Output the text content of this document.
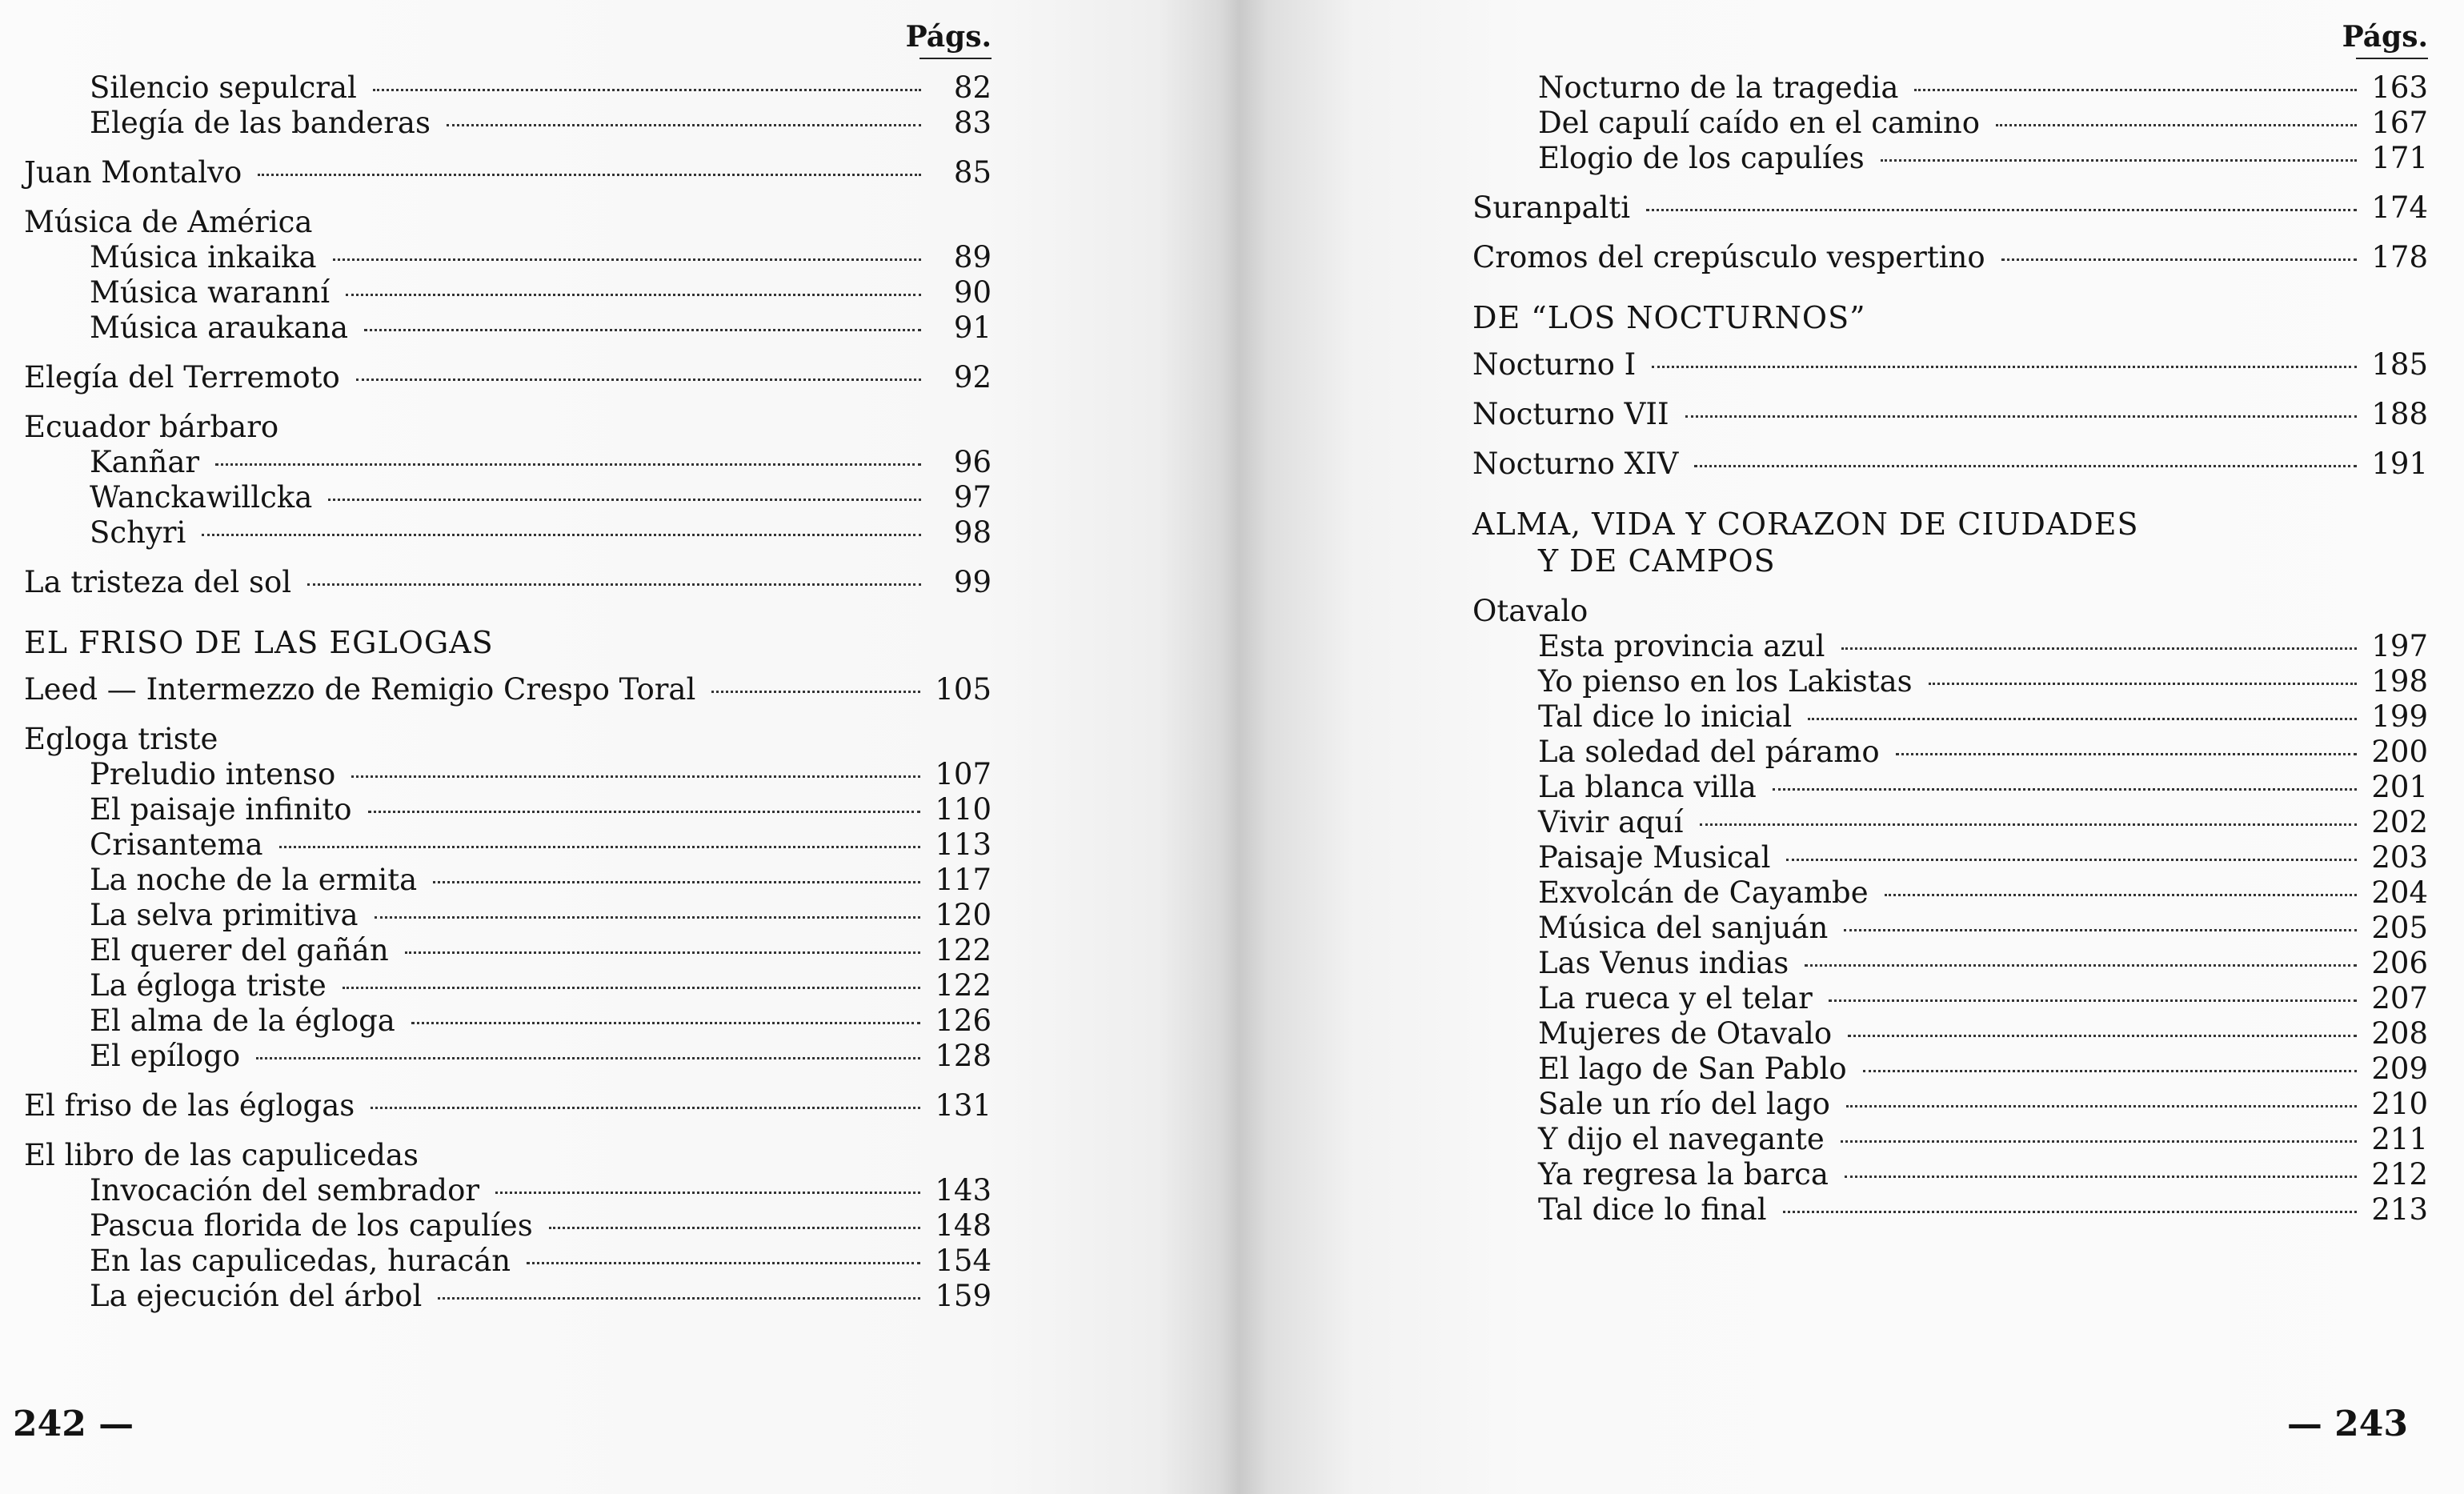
Págs.
Silencio sepulcral	82
Elegía de las banderas	83
Juan Montalvo	85
Música de América
Música inkaika	89
Música waranní	90
Música araukana	91
Elegía del Terremoto	92
Ecuador bárbaro
Kanñar	96
Wanckawillcka	97
Schyri	98
La tristeza del sol	99
EL FRISO DE LAS EGLOGAS
Leed — Intermezzo de Remigio Crespo Toral	105
Egloga triste
Preludio intenso	107
El paisaje infinito	110
Crisantema	113
La noche de la ermita	117
La selva primitiva	120
El querer del gañán	122
La égloga triste	122
El alma de la égloga	126
El epílogo	128
El friso de las églogas	131
El libro de las capulicedas
Invocación del sembrador	143
Pascua florida de los capulíes	148
En las capulicedas, huracán	154
La ejecución del árbol	159
242 —
Págs.
Nocturno de la tragedia	163
Del capulí caído en el camino	167
Elogio de los capulíes	171
Suranpalti	174
Cromos del crepúsculo vespertino	178
DE “LOS NOCTURNOS”
Nocturno I	185
Nocturno VII	188
Nocturno XIV	191
ALMA, VIDA Y CORAZON DE CIUDADES
Y DE CAMPOS
Otavalo
Esta provincia azul	197
Yo pienso en los Lakistas	198
Tal dice lo inicial	199
La soledad del páramo	200
La blanca villa	201
Vivir aquí	202
Paisaje Musical	203
Exvolcán de Cayambe	204
Música del sanjuán	205
Las Venus indias	206
La rueca y el telar	207
Mujeres de Otavalo	208
El lago de San Pablo	209
Sale un río del lago	210
Y dijo el navegante	211
Ya regresa la barca	212
Tal dice lo final	213
— 243
